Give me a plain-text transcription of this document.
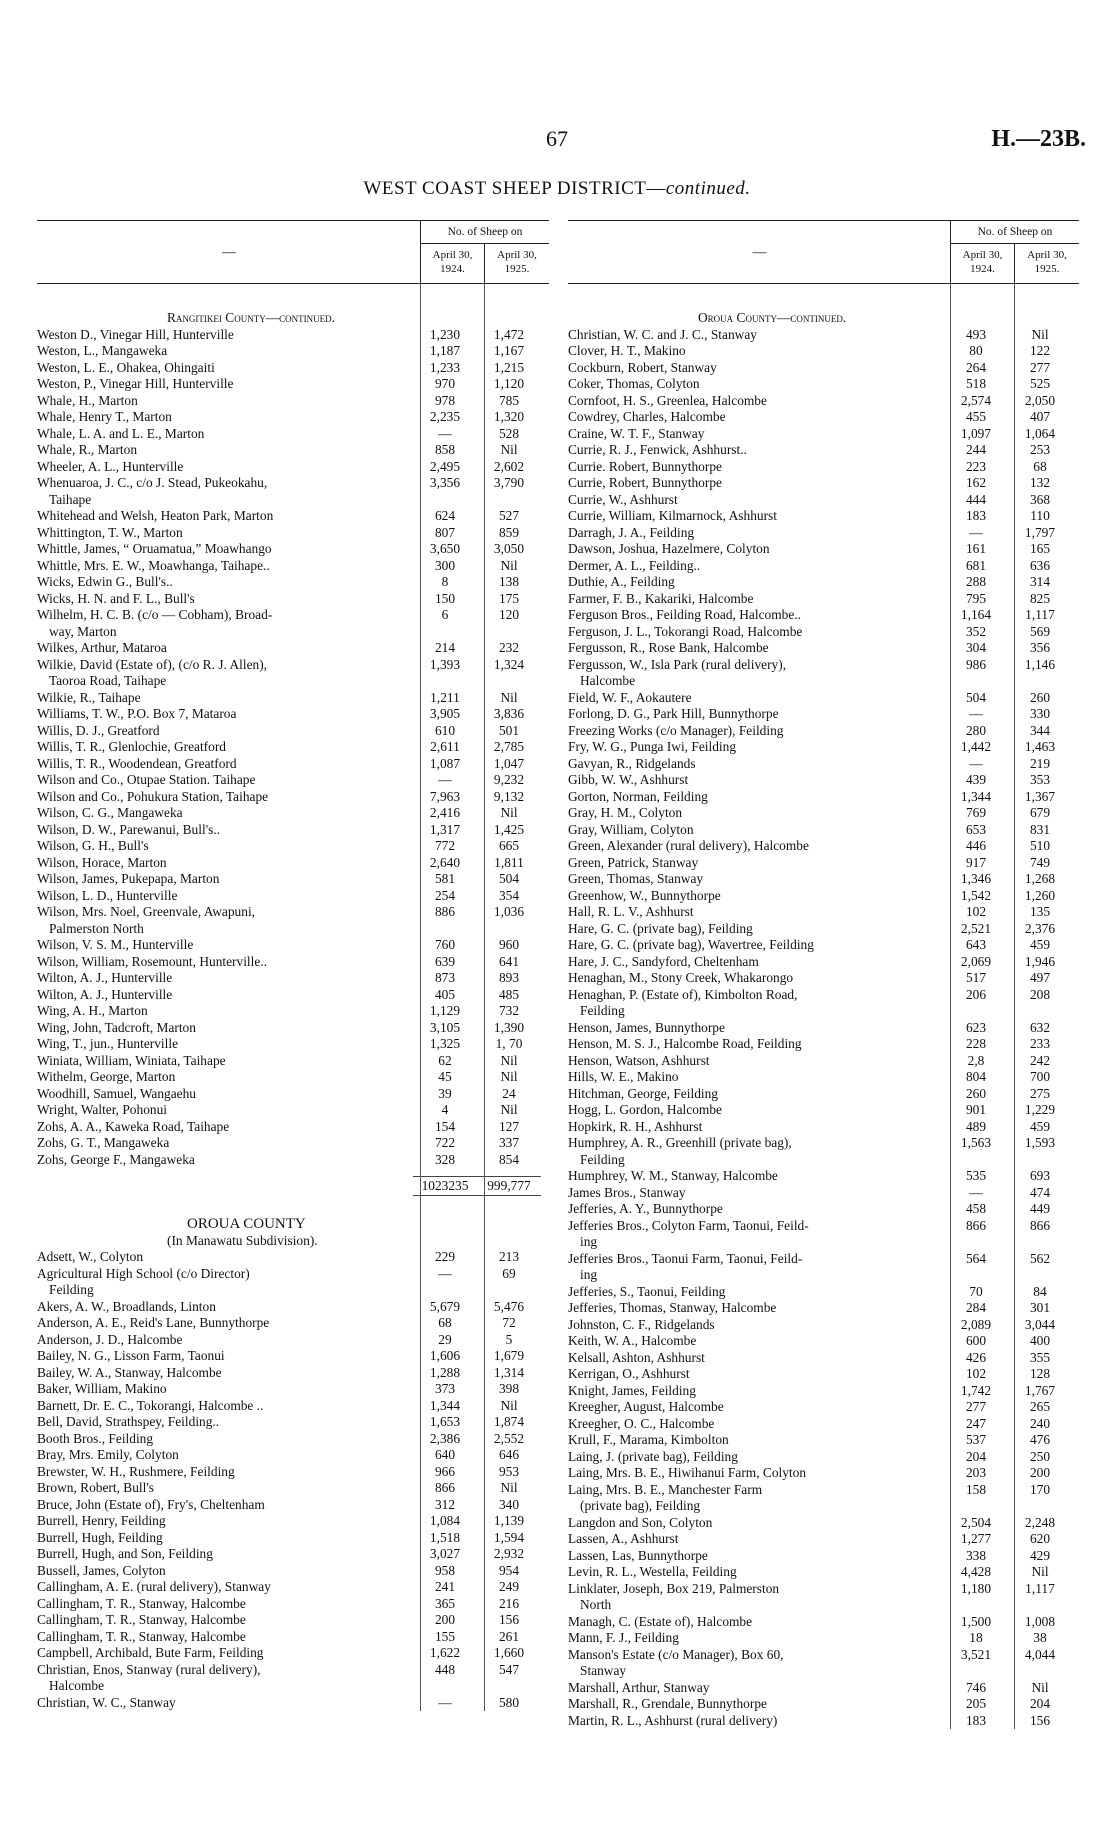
67	H.—23B.
WEST COAST SHEEP DISTRICT—continued.
—
No. of Sheep on
April 30, 1924.
April 30, 1925.
Rangitikei County—continued.
Weston D., Vinegar Hill, Hunterville	1,230	1,472
Weston, L., Mangaweka	1,187	1,167
Weston, L. E., Ohakea, Ohingaiti	1,233	1,215
Weston, P., Vinegar Hill, Hunterville	970	1,120
Whale, H., Marton	978	785
Whale, Henry T., Marton	2,235	1,320
Whale, L. A. and L. E., Marton	—	528
Whale, R., Marton	858	Nil
Wheeler, A. L., Hunterville	2,495	2,602
Whenuaroa, J. C., c/o J. Stead, Pukeokahu,
Taihape
3,356	3,790
Whitehead and Welsh, Heaton Park, Marton	624	527
Whittington, T. W., Marton	807	859
Whittle, James, “ Oruamatua,” Moawhango	3,650	3,050
Whittle, Mrs. E. W., Moawhanga, Taihape..	300	Nil
Wicks, Edwin G., Bull's..	8	138
Wicks, H. N. and F. L., Bull's	150	175
Wilhelm, H. C. B. (c/o — Cobham), Broad-
way, Marton
6	120
Wilkes, Arthur, Mataroa	214	232
Wilkie, David (Estate of), (c/o R. J. Allen),
Taoroa Road, Taihape
1,393	1,324
Wilkie, R., Taihape	1,211	Nil
Williams, T. W., P.O. Box 7, Mataroa	3,905	3,836
Willis, D. J., Greatford	610	501
Willis, T. R., Glenlochie, Greatford	2,611	2,785
Willis, T. R., Woodendean, Greatford	1,087	1,047
Wilson and Co., Otupae Station. Taihape	—	9,232
Wilson and Co., Pohukura Station, Taihape	7,963	9,132
Wilson, C. G., Mangaweka	2,416	Nil
Wilson, D. W., Parewanui, Bull's..	1,317	1,425
Wilson, G. H., Bull's	772	665
Wilson, Horace, Marton	2,640	1,811
Wilson, James, Pukepapa, Marton	581	504
Wilson, L. D., Hunterville	254	354
Wilson, Mrs. Noel, Greenvale, Awapuni,
Palmerston North
886	1,036
Wilson, V. S. M., Hunterville	760	960
Wilson, William, Rosemount, Hunterville..	639	641
Wilton, A. J., Hunterville	873	893
Wilton, A. J., Hunterville	405	485
Wing, A. H., Marton	1,129	732
Wing, John, Tadcroft, Marton	3,105	1,390
Wing, T., jun., Hunterville	1,325	1, 70
Winiata, William, Winiata, Taihape	62	Nil
Withelm, George, Marton	45	Nil
Woodhill, Samuel, Wangaehu	39	24
Wright, Walter, Pohonui	4	Nil
Zohs, A. A., Kaweka Road, Taihape	154	127
Zohs, G. T., Mangaweka	722	337
Zohs, George F., Mangaweka	328	854
1023235	999,777
OROUA COUNTY
(In Manawatu Subdivision).
Adsett, W., Colyton	229	213
Agricultural High School (c/o Director)
Feilding
—	69
Akers, A. W., Broadlands, Linton	5,679	5,476
Anderson, A. E., Reid's Lane, Bunnythorpe	68	72
Anderson, J. D., Halcombe	29	5
Bailey, N. G., Lisson Farm, Taonui	1,606	1,679
Bailey, W. A., Stanway, Halcombe	1,288	1,314
Baker, William, Makino	373	398
Barnett, Dr. E. C., Tokorangi, Halcombe ..	1,344	Nil
Bell, David, Strathspey, Feilding..	1,653	1,874
Booth Bros., Feilding	2,386	2,552
Bray, Mrs. Emily, Colyton	640	646
Brewster, W. H., Rushmere, Feilding	966	953
Brown, Robert, Bull's	866	Nil
Bruce, John (Estate of), Fry's, Cheltenham	312	340
Burrell, Henry, Feilding	1,084	1,139
Burrell, Hugh, Feilding	1,518	1,594
Burrell, Hugh, and Son, Feilding	3,027	2,932
Bussell, James, Colyton	958	954
Callingham, A. E. (rural delivery), Stanway	241	249
Callingham, T. R., Stanway, Halcombe	365	216
Callingham, T. R., Stanway, Halcombe	200	156
Callingham, T. R., Stanway, Halcombe	155	261
Campbell, Archibald, Bute Farm, Feilding	1,622	1,660
Christian, Enos, Stanway (rural delivery),
Halcombe
448	547
Christian, W. C., Stanway	—	580
—
No. of Sheep on
April 30, 1924.
April 30, 1925.
Oroua County—continued.
Christian, W. C. and J. C., Stanway	493	Nil
Clover, H. T., Makino	80	122
Cockburn, Robert, Stanway	264	277
Coker, Thomas, Colyton	518	525
Cornfoot, H. S., Greenlea, Halcombe	2,574	2,050
Cowdrey, Charles, Halcombe	455	407
Craine, W. T. F., Stanway	1,097	1,064
Currie, R. J., Fenwick, Ashhurst..	244	253
Currie. Robert, Bunnythorpe	223	68
Currie, Robert, Bunnythorpe	162	132
Currie, W., Ashhurst	444	368
Currie, William, Kilmarnock, Ashhurst	183	110
Darragh, J. A., Feilding	—	1,797
Dawson, Joshua, Hazelmere, Colyton	161	165
Dermer, A. L., Feilding..	681	636
Duthie, A., Feilding	288	314
Farmer, F. B., Kakariki, Halcombe	795	825
Ferguson Bros., Feilding Road, Halcombe..	1,164	1,117
Ferguson, J. L., Tokorangi Road, Halcombe	352	569
Fergusson, R., Rose Bank, Halcombe	304	356
Fergusson, W., Isla Park (rural delivery),
Halcombe
986	1,146
Field, W. F., Aokautere	504	260
Forlong, D. G., Park Hill, Bunnythorpe	—	330
Freezing Works (c/o Manager), Feilding	280	344
Fry, W. G., Punga Iwi, Feilding	1,442	1,463
Gavyan, R., Ridgelands	—	219
Gibb, W. W., Ashhurst	439	353
Gorton, Norman, Feilding	1,344	1,367
Gray, H. M., Colyton	769	679
Gray, William, Colyton	653	831
Green, Alexander (rural delivery), Halcombe	446	510
Green, Patrick, Stanway	917	749
Green, Thomas, Stanway	1,346	1,268
Greenhow, W., Bunnythorpe	1,542	1,260
Hall, R. L. V., Ashhurst	102	135
Hare, G. C. (private bag), Feilding	2,521	2,376
Hare, G. C. (private bag), Wavertree, Feilding	643	459
Hare, J. C., Sandyford, Cheltenham	2,069	1,946
Henaghan, M., Stony Creek, Whakarongo	517	497
Henaghan, P. (Estate of), Kimbolton Road,
Feilding
206	208
Henson, James, Bunnythorpe	623	632
Henson, M. S. J., Halcombe Road, Feilding	228	233
Henson, Watson, Ashhurst	2,8	242
Hills, W. E., Makino	804	700
Hitchman, George, Feilding	260	275
Hogg, L. Gordon, Halcombe	901	1,229
Hopkirk, R. H., Ashhurst	489	459
Humphrey, A. R., Greenhill (private bag),
Feilding
1,563	1,593
Humphrey, W. M., Stanway, Halcombe	535	693
James Bros., Stanway	—	474
Jefferies, A. Y., Bunnythorpe	458	449
Jefferies Bros., Colyton Farm, Taonui, Feild-
ing
866	866
Jefferies Bros., Taonui Farm, Taonui, Feild-
ing
564	562
Jefferies, S., Taonui, Feilding	70	84
Jefferies, Thomas, Stanway, Halcombe	284	301
Johnston, C. F., Ridgelands	2,089	3,044
Keith, W. A., Halcombe	600	400
Kelsall, Ashton, Ashhurst	426	355
Kerrigan, O., Ashhurst	102	128
Knight, James, Feilding	1,742	1,767
Kreegher, August, Halcombe	277	265
Kreegher, O. C., Halcombe	247	240
Krull, F., Marama, Kimbolton	537	476
Laing, J. (private bag), Feilding	204	250
Laing, Mrs. B. E., Hiwihanui Farm, Colyton	203	200
Laing, Mrs. B. E., Manchester Farm
(private bag), Feilding
158	170
Langdon and Son, Colyton	2,504	2,248
Lassen, A., Ashhurst	1,277	620
Lassen, Las, Bunnythorpe	338	429
Levin, R. L., Westella, Feilding	4,428	Nil
Linklater, Joseph, Box 219, Palmerston
North
1,180	1,117
Managh, C. (Estate of), Halcombe	1,500	1,008
Mann, F. J., Feilding	18	38
Manson's Estate (c/o Manager), Box 60,
Stanway
3,521	4,044
Marshall, Arthur, Stanway	746	Nil
Marshall, R., Grendale, Bunnythorpe	205	204
Martin, R. L., Ashhurst (rural delivery)	183	156
